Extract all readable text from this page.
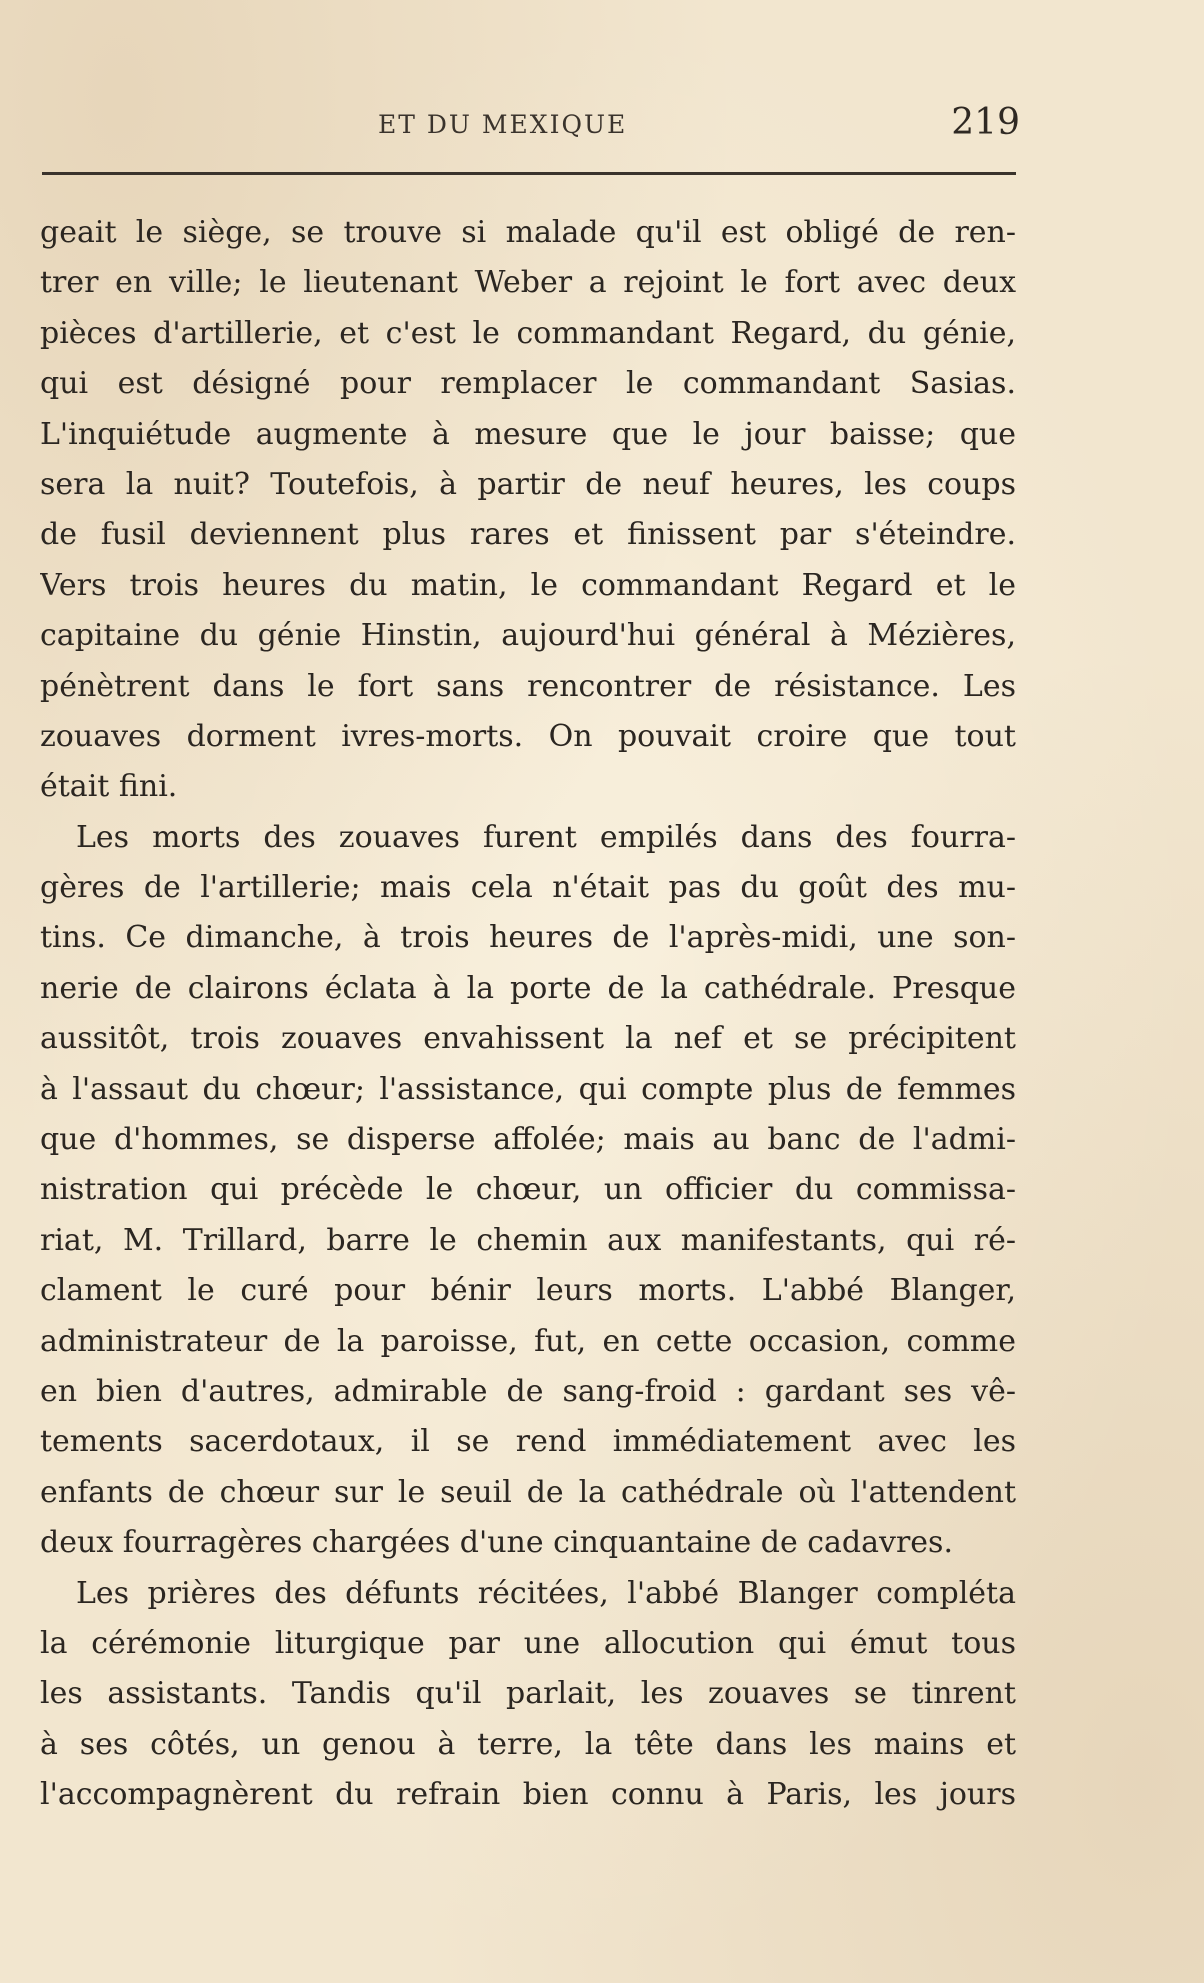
ET DU MEXIQUE	219
geait le siège, se trouve si malade qu'il est obligé de ren-
trer en ville; le lieutenant Weber a rejoint le fort avec deux
pièces d'artillerie, et c'est le commandant Regard, du génie,
qui est désigné pour remplacer le commandant Sasias.
L'inquiétude augmente à mesure que le jour baisse; que
sera la nuit? Toutefois, à partir de neuf heures, les coups
de fusil deviennent plus rares et finissent par s'éteindre.
Vers trois heures du matin, le commandant Regard et le
capitaine du génie Hinstin, aujourd'hui général à Mézières,
pénètrent dans le fort sans rencontrer de résistance. Les
zouaves dorment ivres-morts. On pouvait croire que tout
était fini.
Les morts des zouaves furent empilés dans des fourra-
gères de l'artillerie; mais cela n'était pas du goût des mu-
tins. Ce dimanche, à trois heures de l'après-midi, une son-
nerie de clairons éclata à la porte de la cathédrale. Presque
aussitôt, trois zouaves envahissent la nef et se précipitent
à l'assaut du chœur; l'assistance, qui compte plus de femmes
que d'hommes, se disperse affolée; mais au banc de l'admi-
nistration qui précède le chœur, un officier du commissa-
riat, M. Trillard, barre le chemin aux manifestants, qui ré-
clament le curé pour bénir leurs morts. L'abbé Blanger,
administrateur de la paroisse, fut, en cette occasion, comme
en bien d'autres, admirable de sang-froid : gardant ses vê-
tements sacerdotaux, il se rend immédiatement avec les
enfants de chœur sur le seuil de la cathédrale où l'attendent
deux fourragères chargées d'une cinquantaine de cadavres.
Les prières des défunts récitées, l'abbé Blanger compléta
la cérémonie liturgique par une allocution qui émut tous
les assistants. Tandis qu'il parlait, les zouaves se tinrent
à ses côtés, un genou à terre, la tête dans les mains et
l'accompagnèrent du refrain bien connu à Paris, les jours
